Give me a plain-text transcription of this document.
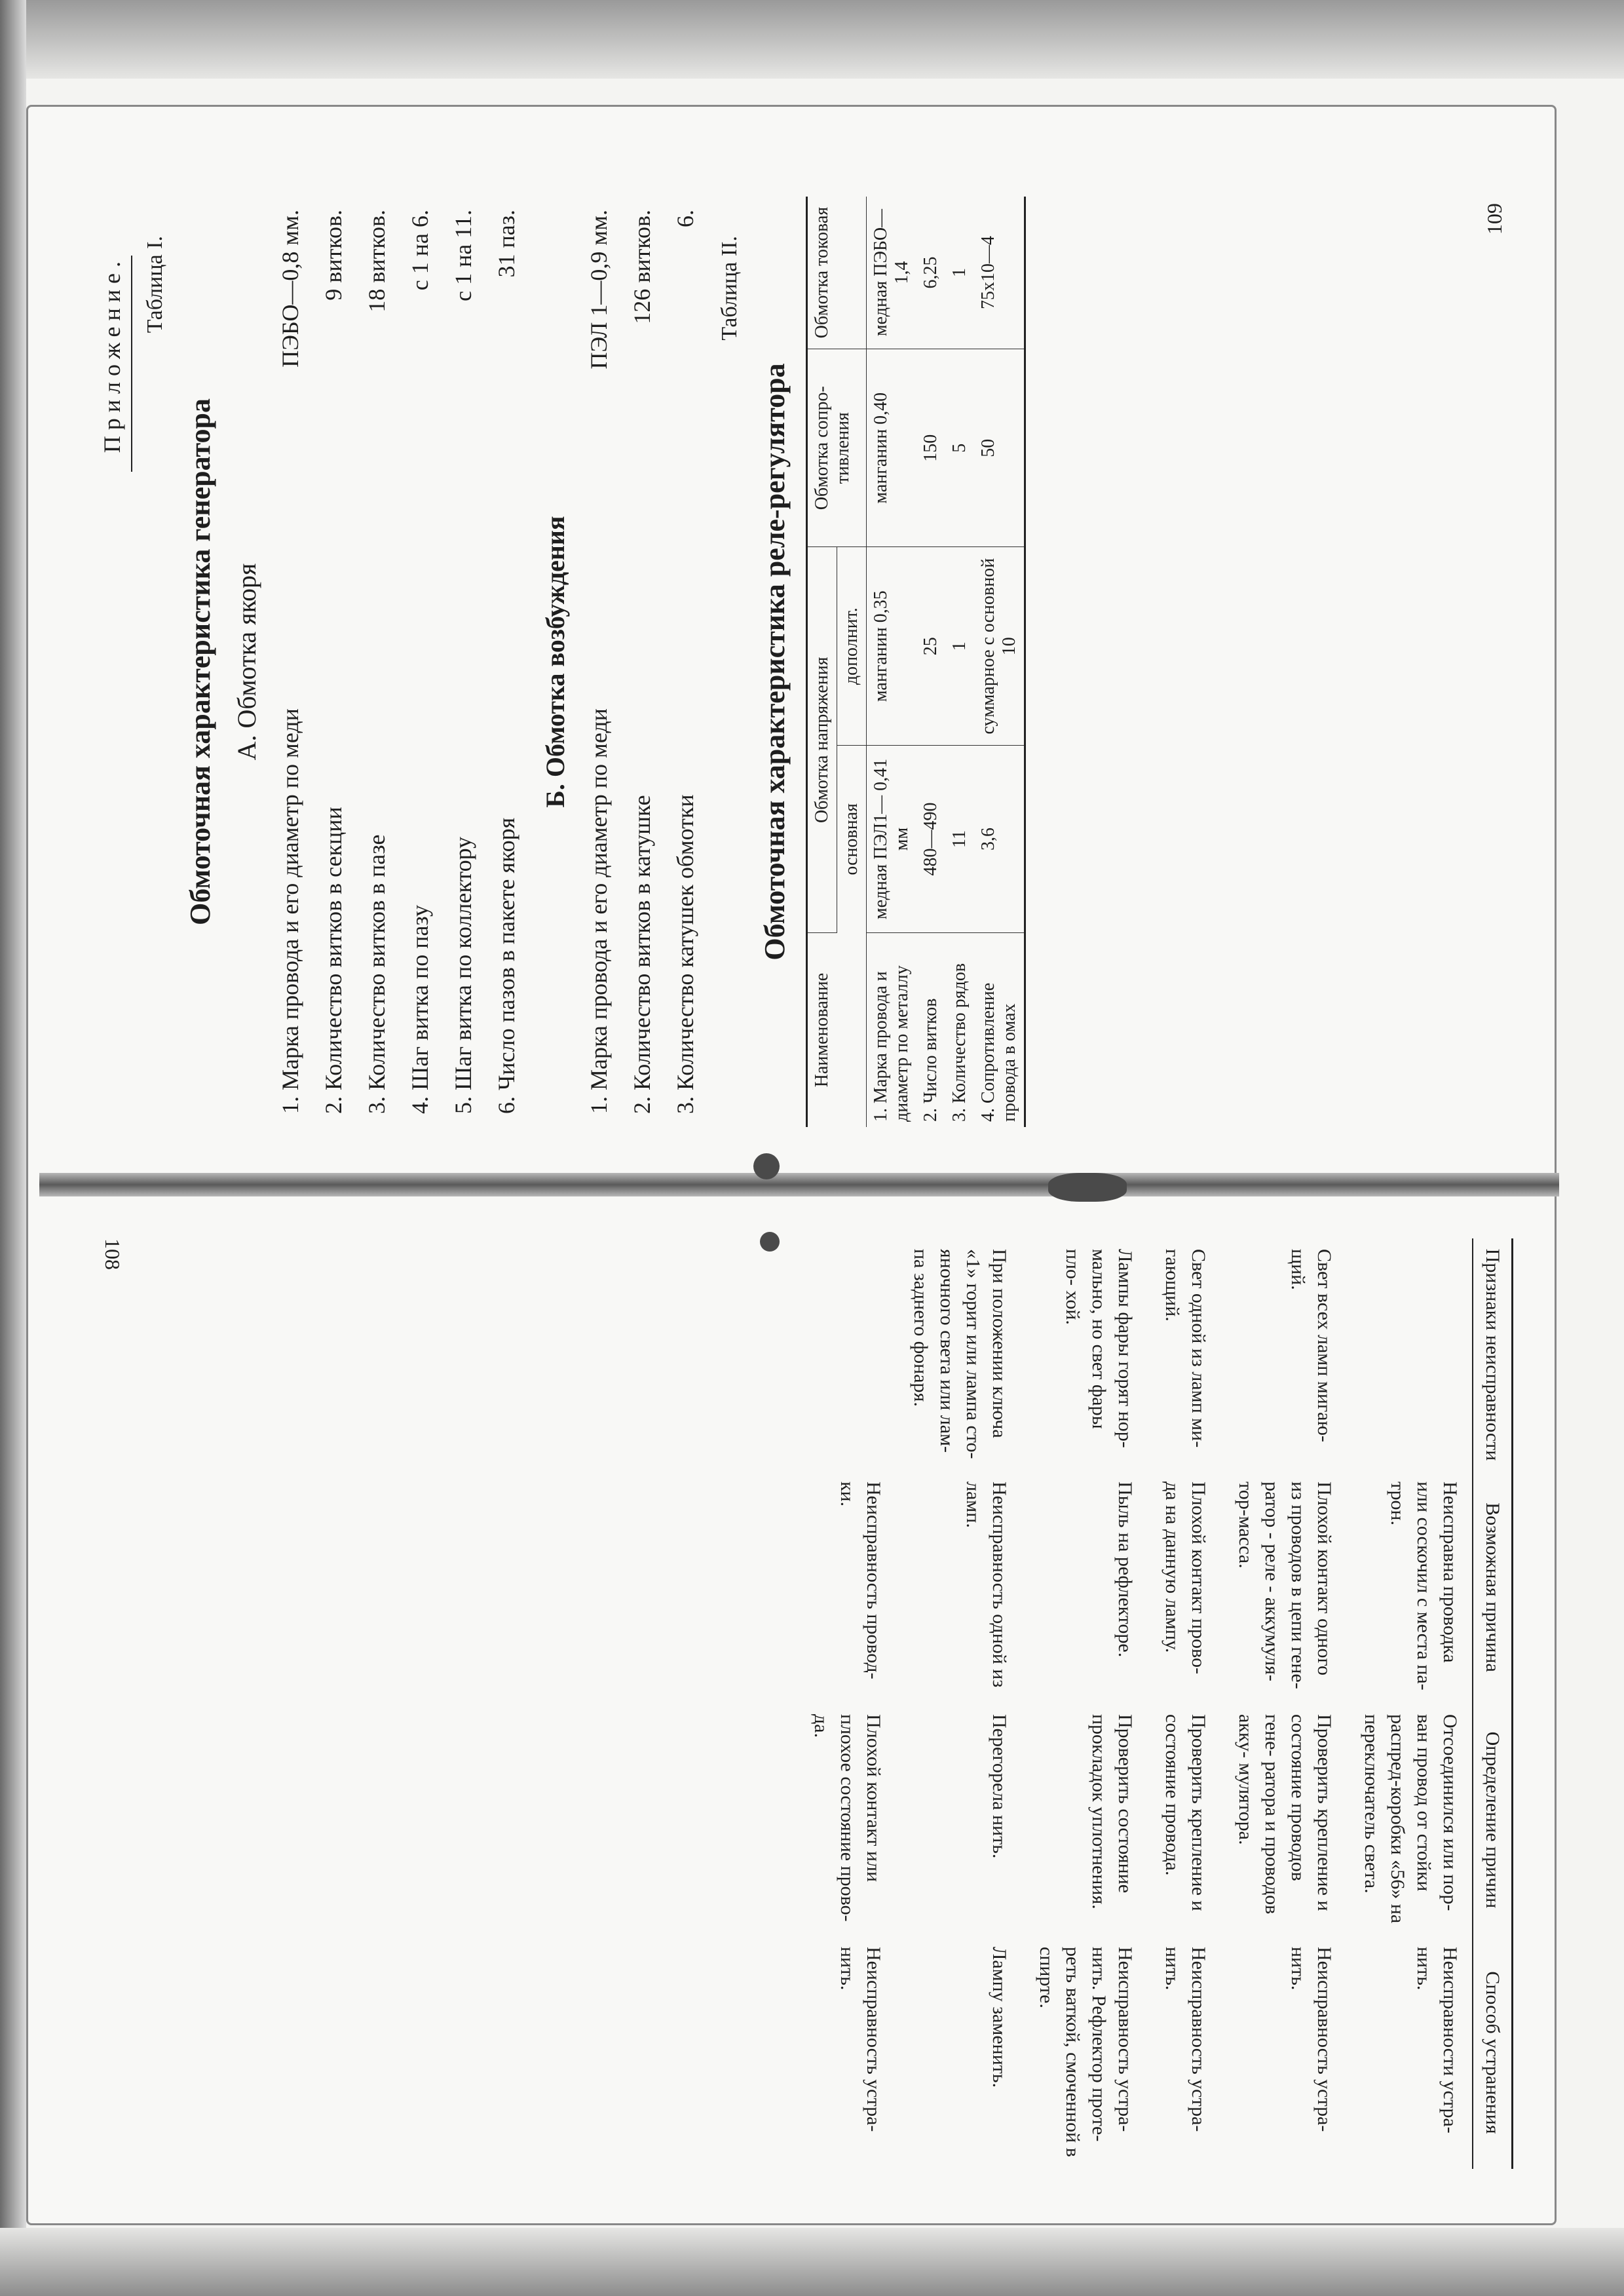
Приложение. Таблица I.

Обмоточная характеристика генератора А. Обмотка якоря
1. Марка провода и его диаметр по меди
ПЭБО—0,8 мм.
2. Количество витков в секции
9 витков.
3. Количество витков в пазе
18 витков.
4. Шаг витка по пазу
с 1 на 6.
5. Шаг витка по коллектору
с 1 на 11.
6. Число пазов в пакете якоря
31 паз.
Б. Обмотка возбуждения
1. Марка провода и его диаметр по меди
ПЭЛ 1—0,9 мм.
2. Количество витков в катушке
126 витков.
3. Количество катушек обмотки
6.

Таблица II.

Обмоточная характеристика реле-регулятора
Наименование	Обмотка напряжения		Обмотка сопро- тивления	Обмотка токовая
	основная	дополнит.		
1. Марка провода и диаметр по металлу	медная ПЭЛ1— 0,41 мм	манганин 0,35	манганин 0,40	медная ПЭБО—1,4
2. Число витков	480—490	25	150	6,25
3. Количество рядов	11	1	5	1
4. Сопротивление провода в омах	3,6	суммарное с основной 10	50	75х10—4
109
Признаки неисправности	Возможная причина	Определение причин	Способ устранения
	Неисправна проводка или соскочил с места па- трон.	Отсоединился или пор- ван провод от стойки распред-коробки «56» на переключатель света.	Неисправности устра- нить.
Свет всех ламп мигаю- щий.	Плохой контакт одного из проводов в цепи гене- ратор - реле - аккумуля- тор-масса.	Проверить крепление и состояние проводов гене- ратора и проводов акку- мулятора.	Неисправность устра- нить.
Свет одной из ламп ми- гающий.	Плохой контакт прово- да на данную лампу.	Проверить крепление и состояние провода.	Неисправность устра- нить.
Лампы фары горят нор- мально, но свет фары пло- хой.	Пыль на рефлекторе.	Проверить состояние прокладок уплотнения.	Неисправность устра- нить. Рефлектор проте- реть ваткой, смоченной в спирте.
При положении ключа «1» горит или лампа сто- яночного света или лам- па заднего фонаря.	Неисправность одной из ламп.	Перегорела нить.	Лампу заменить.
	Неисправность провод- ки.	Плохой контакт или плохое состояние прово- да.	Неисправность устра- нить.
108
